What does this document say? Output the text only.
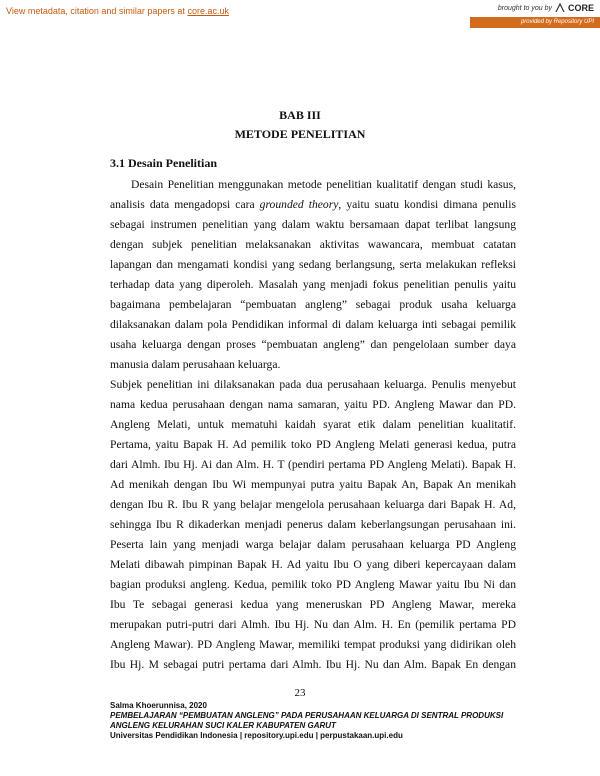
View metadata, citation and similar papers at core.ac.uk	brought to you by CORE
provided by Repository UPI
BAB III
METODE PENELITIAN
3.1 Desain Penelitian
Desain Penelitian menggunakan metode penelitian kualitatif dengan studi kasus,
analisis data mengadopsi cara grounded theory, yaitu suatu kondisi dimana penulis
sebagai instrumen penelitian yang dalam waktu bersamaan dapat terlibat langsung
dengan subjek penelitian melaksanakan aktivitas wawancara, membuat catatan
lapangan dan mengamati kondisi yang sedang berlangsung, serta melakukan refleksi
terhadap data yang diperoleh. Masalah yang menjadi fokus penelitian penulis yaitu
bagaimana pembelajaran “pembuatan angleng” sebagai produk usaha keluarga
dilaksanakan dalam pola Pendidikan informal di dalam keluarga inti sebagai pemilik
usaha keluarga dengan proses “pembuatan angleng” dan pengelolaan sumber daya
manusia dalam perusahaan keluarga.
Subjek penelitian ini dilaksanakan pada dua perusahaan keluarga. Penulis menyebut
nama kedua perusahaan dengan nama samaran, yaitu PD. Angleng Mawar dan PD.
Angleng Melati, untuk mematuhi kaidah syarat etik dalam penelitian kualitatif.
Pertama, yaitu Bapak H. Ad pemilik toko PD Angleng Melati generasi kedua, putra
dari Almh. Ibu Hj. Ai dan Alm. H. T (pendiri pertama PD Angleng Melati). Bapak H.
Ad menikah dengan Ibu Wi mempunyai putra yaitu Bapak An, Bapak An menikah
dengan Ibu R. Ibu R yang belajar mengelola perusahaan keluarga dari Bapak H. Ad,
sehingga Ibu R dikaderkan menjadi penerus dalam keberlangsungan perusahaan ini.
Peserta lain yang menjadi warga belajar dalam perusahaan keluarga PD Angleng
Melati dibawah pimpinan Bapak H. Ad yaitu Ibu O yang diberi kepercayaan dalam
bagian produksi angleng. Kedua, pemilik toko PD Angleng Mawar yaitu Ibu Ni dan
Ibu Te sebagai generasi kedua yang meneruskan PD Angleng Mawar, mereka
merupakan putri-putri dari Almh. Ibu Hj. Nu dan Alm. H. En (pemilik pertama PD
Angleng Mawar). PD Angleng Mawar, memiliki tempat produksi yang didirikan oleh
Ibu Hj. M sebagai putri pertama dari Almh. Ibu Hj. Nu dan Alm. Bapak En dengan
23
Salma Khoerunnisa, 2020
PEMBELAJARAN “PEMBUATAN ANGLENG” PADA PERUSAHAAN KELUARGA DI SENTRAL PRODUKSI
ANGLENG KELURAHAN SUCI KALER KABUPATEN GARUT
Universitas Pendidikan Indonesia | repository.upi.edu | perpustakaan.upi.edu
